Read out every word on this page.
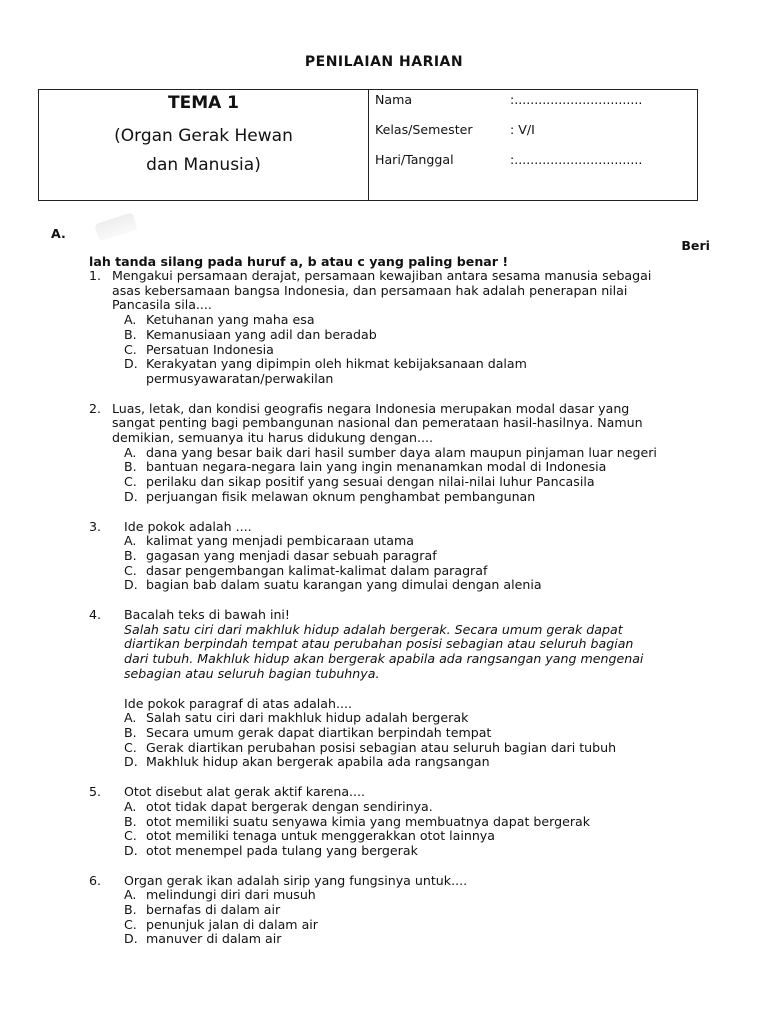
PENILAIAN HARIAN
TEMA 1
(Organ Gerak Hewan
dan Manusia)
Nama	:................................
Kelas/Semester	: V/I
Hari/Tanggal	:................................
A.
Beri
lah tanda silang pada huruf a, b atau c yang paling benar !
1. Mengakui persamaan derajat, persamaan kewajiban antara sesama manusia sebagai
asas kebersamaan bangsa Indonesia, dan persamaan hak adalah penerapan nilai
Pancasila sila....
A. Ketuhanan yang maha esa
B. Kemanusiaan yang adil dan beradab
C. Persatuan Indonesia
D. Kerakyatan yang dipimpin oleh hikmat kebijaksanaan dalam
permusyawaratan/perwakilan
2. Luas, letak, dan kondisi geografis negara Indonesia merupakan modal dasar yang
sangat penting bagi pembangunan nasional dan pemerataan hasil-hasilnya. Namun
demikian, semuanya itu harus didukung dengan....
A. dana yang besar baik dari hasil sumber daya alam maupun pinjaman luar negeri
B. bantuan negara-negara lain yang ingin menanamkan modal di Indonesia
C. perilaku dan sikap positif yang sesuai dengan nilai-nilai luhur Pancasila
D. perjuangan fisik melawan oknum penghambat pembangunan
3. Ide pokok adalah ....
A. kalimat yang menjadi pembicaraan utama
B. gagasan yang menjadi dasar sebuah paragraf
C. dasar pengembangan kalimat-kalimat dalam paragraf
D. bagian bab dalam suatu karangan yang dimulai dengan alenia
4. Bacalah teks di bawah ini!
Salah satu ciri dari makhluk hidup adalah bergerak. Secara umum gerak dapat
diartikan berpindah tempat atau perubahan posisi sebagian atau seluruh bagian
dari tubuh. Makhluk hidup akan bergerak apabila ada rangsangan yang mengenai
sebagian atau seluruh bagian tubuhnya.
Ide pokok paragraf di atas adalah....
A. Salah satu ciri dari makhluk hidup adalah bergerak
B. Secara umum gerak dapat diartikan berpindah tempat
C. Gerak diartikan perubahan posisi sebagian atau seluruh bagian dari tubuh
D. Makhluk hidup akan bergerak apabila ada rangsangan
5. Otot disebut alat gerak aktif karena....
A. otot tidak dapat bergerak dengan sendirinya.
B. otot memiliki suatu senyawa kimia yang membuatnya dapat bergerak
C. otot memiliki tenaga untuk menggerakkan otot lainnya
D. otot menempel pada tulang yang bergerak
6. Organ gerak ikan adalah sirip yang fungsinya untuk....
A. melindungi diri dari musuh
B. bernafas di dalam air
C. penunjuk jalan di dalam air
D. manuver di dalam air
